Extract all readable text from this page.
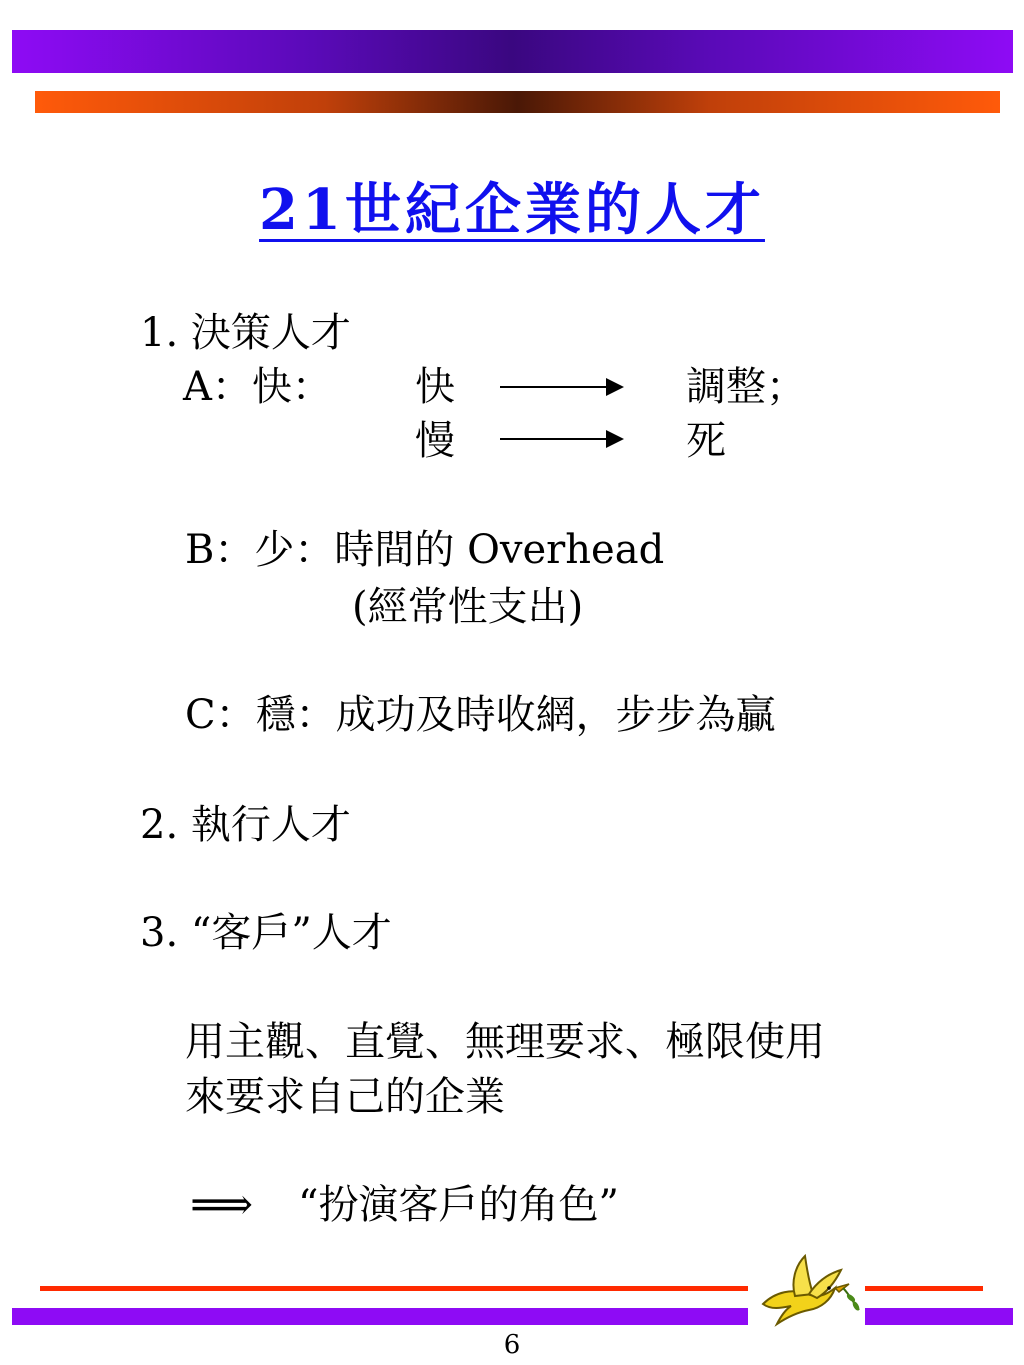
21世紀企業的人才
1. 決策人才
A：快： 快	調整；
慢	死
B：少：時間的 Overhead
(經常性支出)
C：穩：成功及時收網，步步為贏
2. 執行人才
3. “客戶”人才
用主觀、直覺、無理要求、極限使用
來要求自己的企業
⟹ “扮演客戶的角色”
6
